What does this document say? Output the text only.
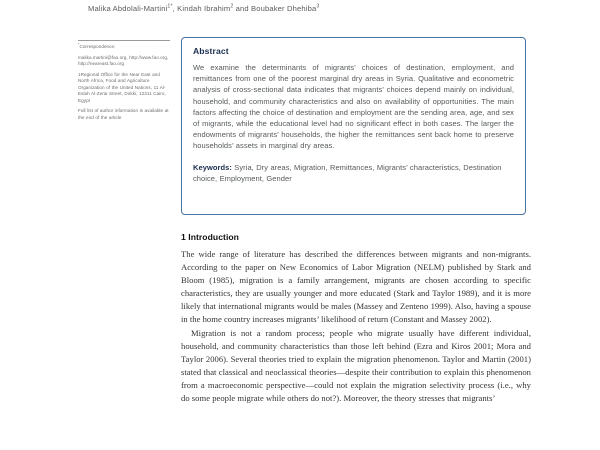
Malika Abdolali-Martini$^{1*}$, Kindah Ibrahim$^2$ and Boubaker Dhehiba$^3$
*Correspondence:
malika.martini@fao.org, http://www.fao.org, http://neareast.fao.org
1Regional Office for the Near East and North Africa, Food and Agriculture Organization of the United Nations, 11 Al-Eslah Al-Zerai Street, Dokki, 12311 Cairo, Egypt
Full list of author information is available at the end of the article
Abstract
We examine the determinants of migrants’ choices of destination, employment, and remittances from one of the poorest marginal dry areas in Syria. Qualitative and econometric analysis of cross-sectional data indicates that migrants’ choices depend mainly on individual, household, and community characteristics and also on availability of opportunities. The main factors affecting the choice of destination and employment are the sending area, age, and sex of migrants, while the educational level had no significant effect in both cases. The larger the endowments of migrants’ households, the higher the remittances sent back home to preserve households’ assets in marginal dry areas.
Keywords: Syria, Dry areas, Migration, Remittances, Migrants’ characteristics, Destination choice, Employment, Gender
1 Introduction

The wide range of literature has described the differences between migrants and non-migrants. According to the paper on New Economics of Labor Migration (NELM) published by Stark and Bloom (1985), migration is a family arrangement, migrants are chosen according to specific characteristics, they are usually younger and more educated (Stark and Taylor 1989), and it is more likely that international migrants would be males (Massey and Zenteno 1999). Also, having a spouse in the home country increases migrants’ likelihood of return (Constant and Massey 2002).

Migration is not a random process; people who migrate usually have different individual, household, and community characteristics than those left behind (Ezra and Kiros 2001; Mora and Taylor 2006). Several theories tried to explain the migration phenomenon. Taylor and Martin (2001) stated that classical and neoclassical theories—despite their contribution to explain this phenomenon from a macroeconomic perspective—could not explain the migration selectivity process (i.e., why do some people migrate while others do not?). Moreover, the theory stresses that migrants’
